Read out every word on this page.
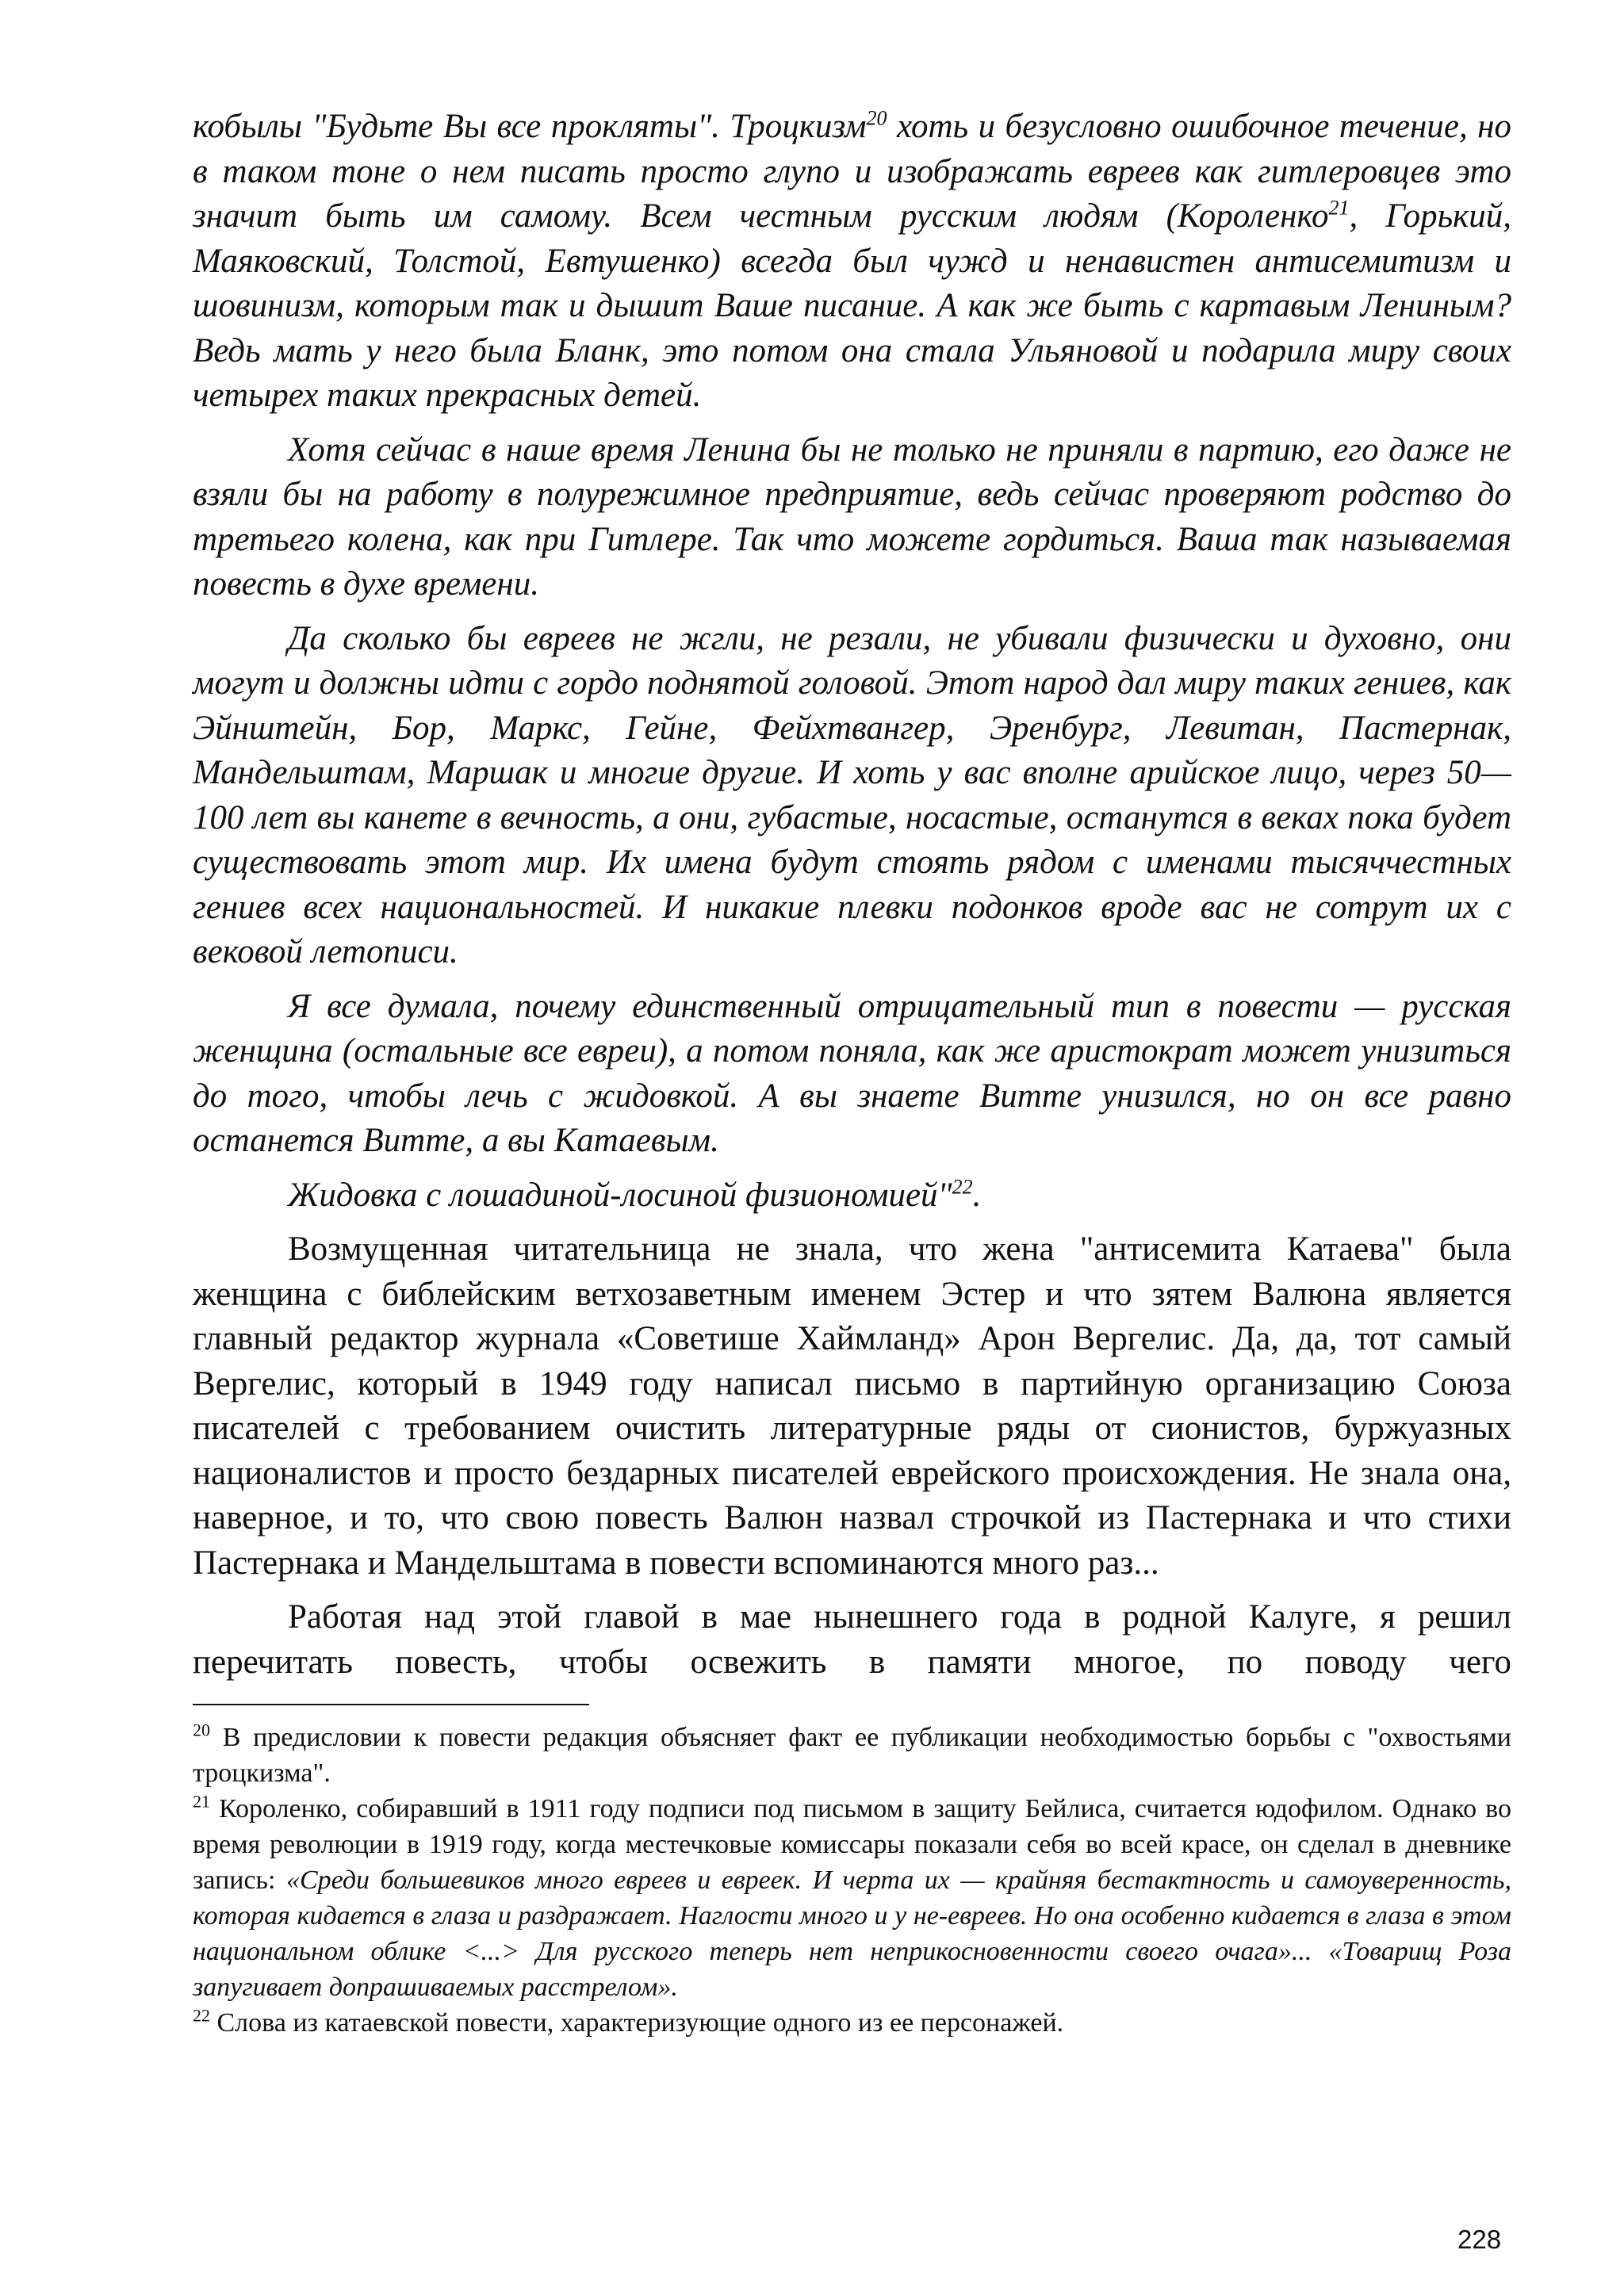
кобылы "Будьте Вы все прокляты". Троцкизм$^{20}$ хоть и безусловно ошибочное течение, но в таком тоне о нем писать просто глупо и изображать евреев как гитлеровцев это значит быть им самому. Всем честным русским людям (Короленко$^{21}$, Горький, Маяковский, Толстой, Евтушенко) всегда был чужд и ненавистен антисемитизм и шовинизм, которым так и дышит Ваше писание. А как же быть с картавым Лениным? Ведь мать у него была Бланк, это потом она стала Ульяновой и подарила миру своих четырех таких прекрасных детей.

Хотя сейчас в наше время Ленина бы не только не приняли в партию, его даже не взяли бы на работу в полурежимное предприятие, ведь сейчас проверяют родство до третьего колена, как при Гитлере. Так что можете гордиться. Ваша так называемая повесть в духе времени.

Да сколько бы евреев не жгли, не резали, не убивали физически и духовно, они могут и должны идти с гордо поднятой головой. Этот народ дал миру таких гениев, как Эйнштейн, Бор, Маркс, Гейне, Фейхтвангер, Эренбург, Левитан, Пастернак, Мандельштам, Маршак и многие другие. И хоть у вас вполне арийское лицо, через 50—100 лет вы канете в вечность, а они, губастые, носастые, останутся в веках пока будет существовать этот мир. Их имена будут стоять рядом с именами тысяччестных гениев всех национальностей. И никакие плевки подонков вроде вас не сотрут их с вековой летописи.

Я все думала, почему единственный отрицательный тип в повести — русская женщина (остальные все евреи), а потом поняла, как же аристократ может унизиться до того, чтобы лечь с жидовкой. А вы знаете Витте унизился, но он все равно останется Витте, а вы Катаевым.

Жидовка с лошадиной-лосиной физиономией"$^{22}$.

Возмущенная читательница не знала, что жена "антисемита Катаева" была женщина с библейским ветхозаветным именем Эстер и что зятем Валюна является главный редактор журнала «Советише Хаймланд» Арон Вергелис. Да, да, тот самый Вергелис, который в 1949 году написал письмо в партийную организацию Союза писателей с требованием очистить литературные ряды от сионистов, буржуазных националистов и просто бездарных писателей еврейского происхождения. Не знала она, наверное, и то, что свою повесть Валюн назвал строчкой из Пастернака и что стихи Пастернака и Мандельштама в повести вспоминаются много раз...

Работая над этой главой в мае нынешнего года в родной Калуге, я решил перечитать повесть, чтобы освежить в памяти многое, по поводу чего

$^{20}$ В предисловии к повести редакция объясняет факт ее публикации необходимостью борьбы с "охвостьями троцкизма".

$^{21}$ Короленко, собиравший в 1911 году подписи под письмом в защиту Бейлиса, считается юдофилом. Однако во время революции в 1919 году, когда местечковые комиссары показали себя во всей красе, он сделал в дневнике запись: «Среди большевиков много евреев и евреек. И черта их — крайняя бестактность и самоуверенность, которая кидается в глаза и раздражает. Наглости много и у не-евреев. Но она особенно кидается в глаза в этом национальном облике <...> Для русского теперь нет неприкосновенности своего очага»... «Товарищ Роза запугивает допрашиваемых расстрелом».

$^{22}$ Слова из катаевской повести, характеризующие одного из ее персонажей.

228
